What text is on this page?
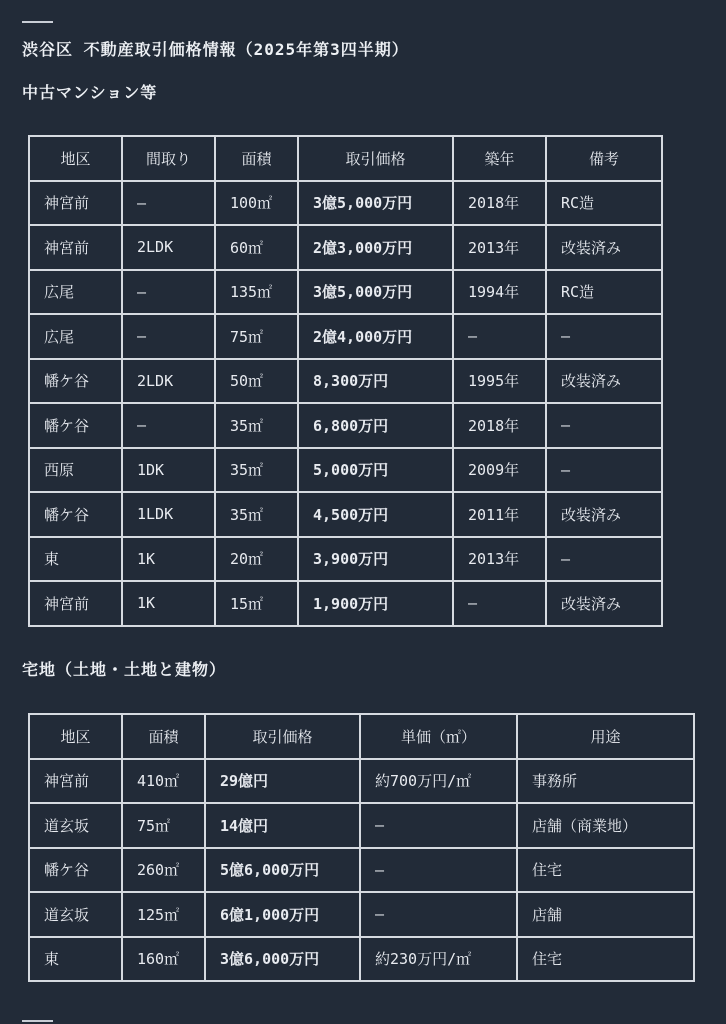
渋谷区 不動産取引価格情報（2025年第3四半期）
中古マンション等
地区	間取り	面積	取引価格	築年	備考
神宮前	—	100㎡	3億5,000万円	2018年	RC造
神宮前	2LDK	60㎡	2億3,000万円	2013年	改装済み
広尾	—	135㎡	3億5,000万円	1994年	RC造
広尾	—	75㎡	2億4,000万円	—	—
幡ケ谷	2LDK	50㎡	8,300万円	1995年	改装済み
幡ケ谷	—	35㎡	6,800万円	2018年	—
西原	1DK	35㎡	5,000万円	2009年	—
幡ケ谷	1LDK	35㎡	4,500万円	2011年	改装済み
東	1K	20㎡	3,900万円	2013年	—
神宮前	1K	15㎡	1,900万円	—	改装済み
宅地（土地・土地と建物）
地区	面積	取引価格	単価（㎡）	用途
神宮前	410㎡	29億円	約700万円/㎡	事務所
道玄坂	75㎡	14億円	—	店舗（商業地）
幡ケ谷	260㎡	5億6,000万円	—	住宅
道玄坂	125㎡	6億1,000万円	—	店舗
東	160㎡	3億6,000万円	約230万円/㎡	住宅
